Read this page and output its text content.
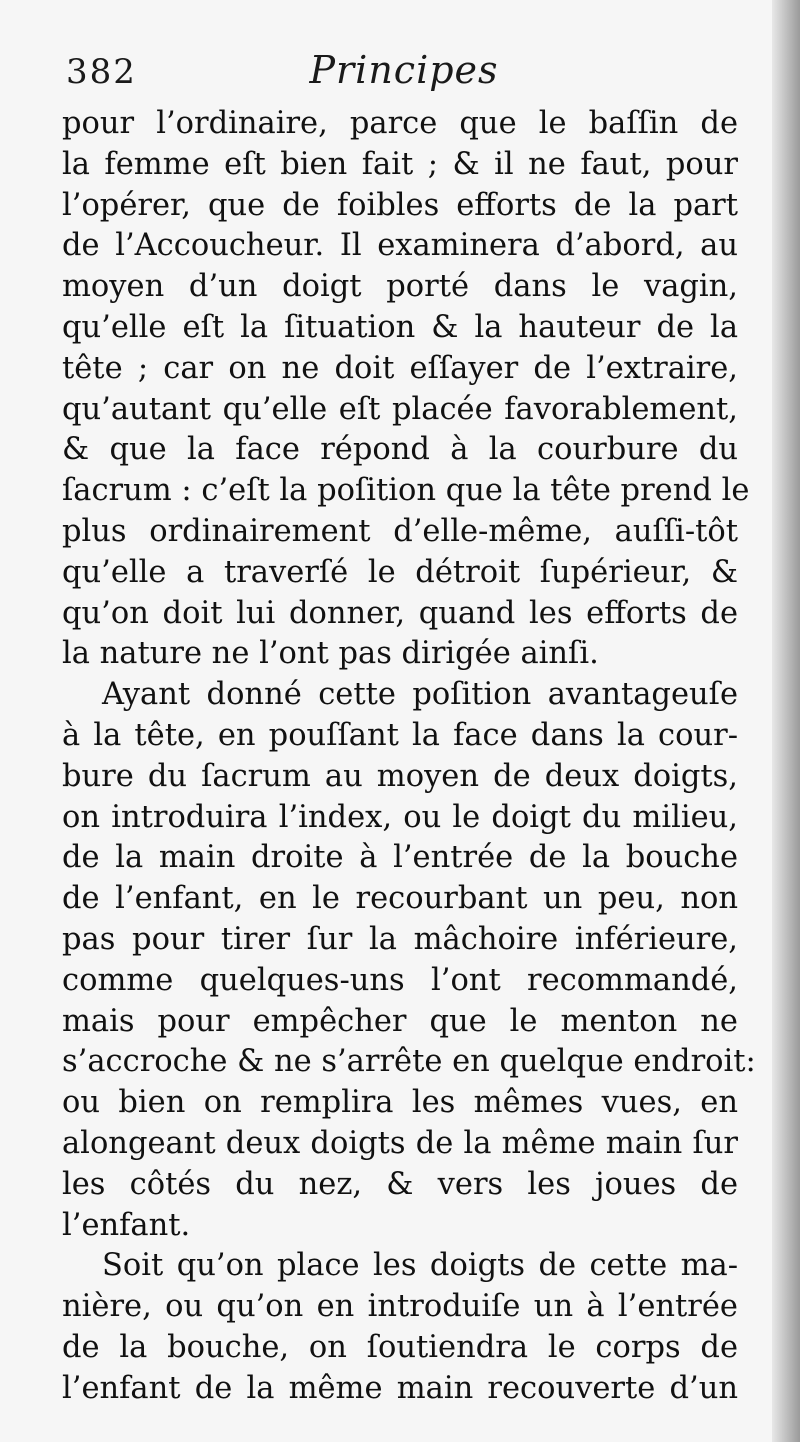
382	Principes
pour l’ordinaire, parce que le baſſin de
la femme eſt bien fait ; & il ne faut, pour
l’opérer, que de foibles efforts de la part
de l’Accoucheur. Il examinera d’abord, au
moyen d’un doigt porté dans le vagin,
qu’elle eſt la ſituation & la hauteur de la
tête ; car on ne doit eſſayer de l’extraire,
qu’autant qu’elle eſt placée favorablement,
& que la face répond à la courbure du
ſacrum : c’eſt la poſition que la tête prend le
plus ordinairement d’elle-même, auſſi-tôt
qu’elle a traverſé le détroit ſupérieur, &
qu’on doit lui donner, quand les efforts de
la nature ne l’ont pas dirigée ainſi.
Ayant donné cette poſition avantageuſe
à la tête, en pouſſant la face dans la cour-
bure du ſacrum au moyen de deux doigts,
on introduira l’index, ou le doigt du milieu,
de la main droite à l’entrée de la bouche
de l’enfant, en le recourbant un peu, non
pas pour tirer ſur la mâchoire inférieure,
comme quelques-uns l’ont recommandé,
mais pour empêcher que le menton ne
s’accroche & ne s’arrête en quelque endroit:
ou bien on remplira les mêmes vues, en
alongeant deux doigts de la même main ſur
les côtés du nez, & vers les joues de
l’enfant.
Soit qu’on place les doigts de cette ma-
nière, ou qu’on en introduiſe un à l’entrée
de la bouche, on ſoutiendra le corps de
l’enfant de la même main recouverte d’un
